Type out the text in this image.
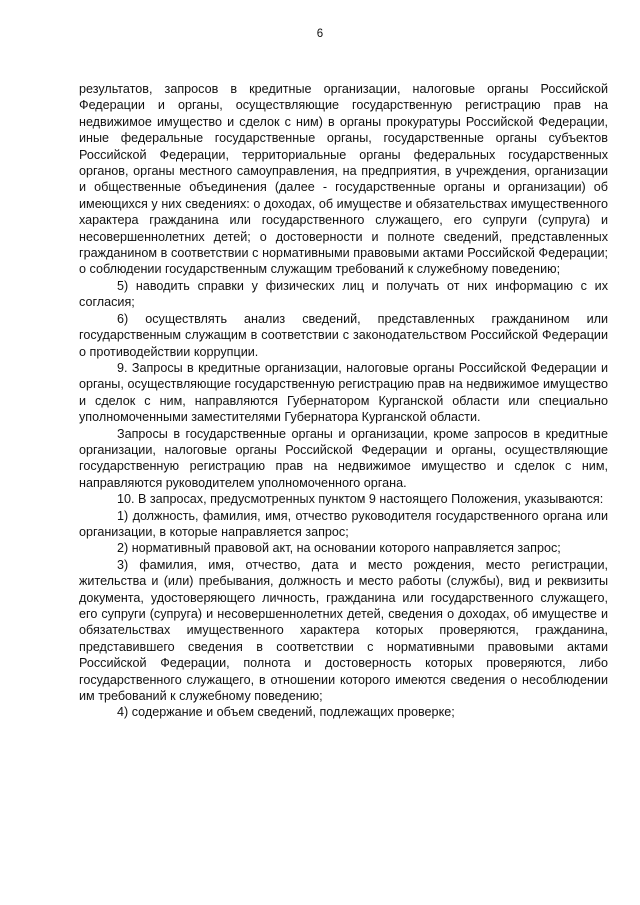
6

результатов, запросов в кредитные организации, налоговые органы Российской Федерации и органы, осуществляющие государственную регистрацию прав на недвижимое имущество и сделок с ним) в органы прокуратуры Российской Федерации, иные федеральные государственные органы, государственные органы субъектов Российской Федерации, территориальные органы федеральных государственных органов, органы местного самоуправления, на предприятия, в учреждения, организации и общественные объединения (далее - государственные органы и организации) об имеющихся у них сведениях: о доходах, об имуществе и обязательствах имущественного характера гражданина или государственного служащего, его супруги (супруга) и несовершеннолетних детей; о достоверности и полноте сведений, представленных гражданином в соответствии с нормативными правовыми актами Российской Федерации; о соблюдении государственным служащим требований к служебному поведению;

5) наводить справки у физических лиц и получать от них информацию с их согласия;

6) осуществлять анализ сведений, представленных гражданином или государственным служащим в соответствии с законодательством Российской Федерации о противодействии коррупции.

9. Запросы в кредитные организации, налоговые органы Российской Федерации и органы, осуществляющие государственную регистрацию прав на недвижимое имущество и сделок с ним, направляются Губернатором Курганской области или специально уполномоченными заместителями Губернатора Курганской области.

Запросы в государственные органы и организации, кроме запросов в кредитные организации, налоговые органы Российской Федерации и органы, осуществляющие государственную регистрацию прав на недвижимое имущество и сделок с ним, направляются руководителем уполномоченного органа.

10. В запросах, предусмотренных пунктом 9 настоящего Положения, указываются:

1) должность, фамилия, имя, отчество руководителя государственного органа или организации, в которые направляется запрос;

2) нормативный правовой акт, на основании которого направляется запрос;

3) фамилия, имя, отчество, дата и место рождения, место регистрации, жительства и (или) пребывания, должность и место работы (службы), вид и реквизиты документа, удостоверяющего личность, гражданина или государственного служащего, его супруги (супруга) и несовершеннолетних детей, сведения о доходах, об имуществе и обязательствах имущественного характера которых проверяются, гражданина, представившего сведения в соответствии с нормативными правовыми актами Российской Федерации, полнота и достоверность которых проверяются, либо государственного служащего, в отношении которого имеются сведения о несоблюдении им требований к служебному поведению;

4) содержание и объем сведений, подлежащих проверке;
